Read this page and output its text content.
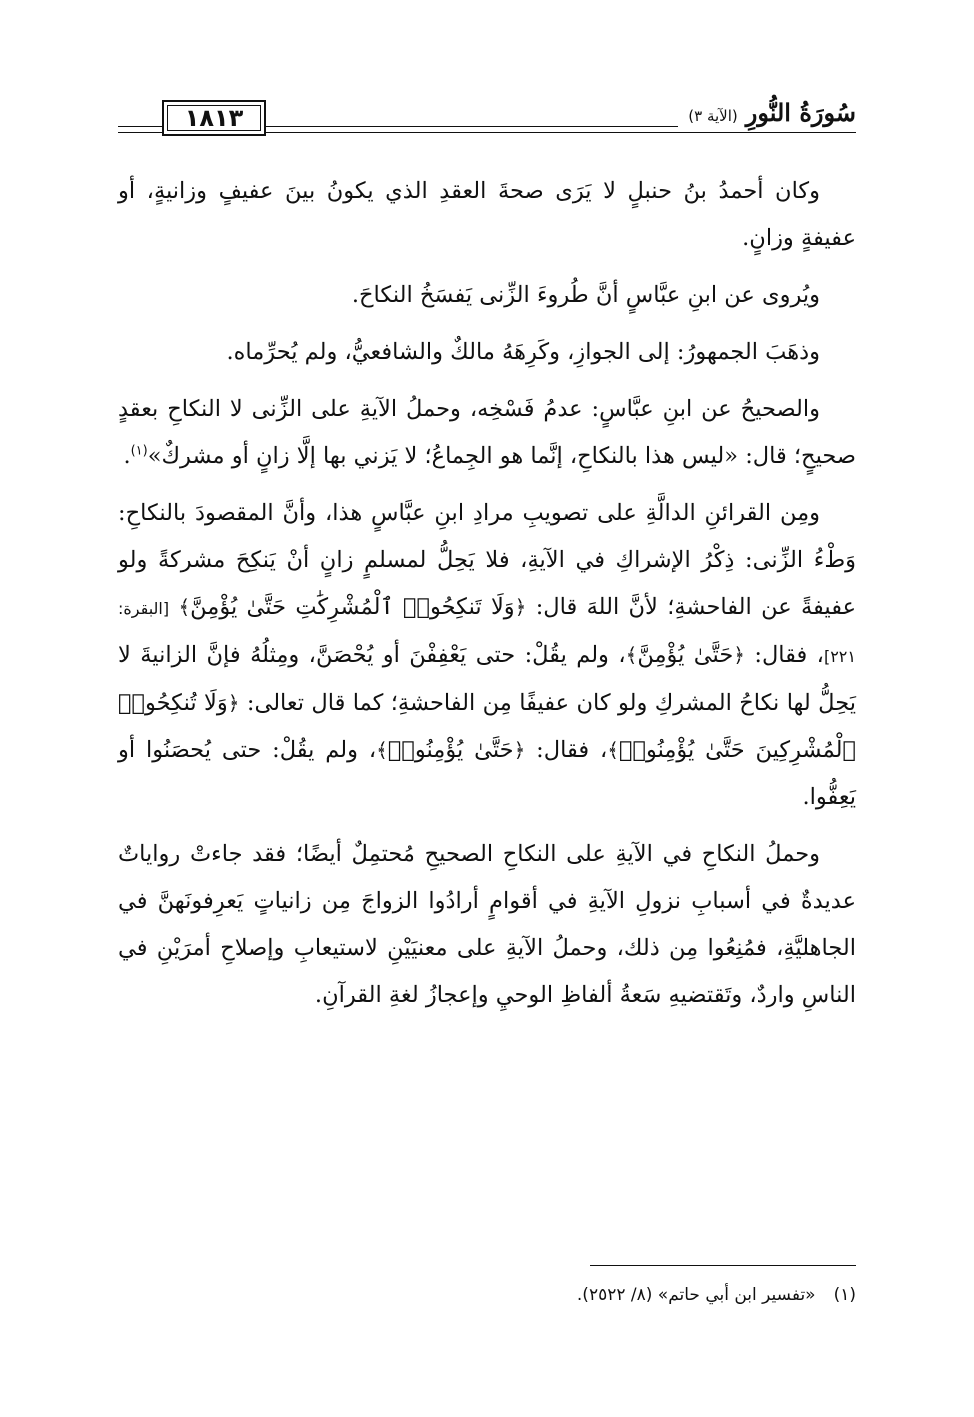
١٨١٣	سُورَةُ النُّورِ
(الآية ٣)

وكان أحمدُ بنُ حنبلٍ لا يَرَى صحةَ العقدِ الذي يكونُ بينَ عفيفٍ وزانيةٍ، أو عفيفةٍ وزانٍ.

ويُروى عن ابنِ عبَّاسٍ أنَّ طُروءَ الزِّنى يَفسَخُ النكاحَ.

وذهَبَ الجمهورُ: إلى الجوازِ، وكَرِهَهُ مالكٌ والشافعيُّ، ولم يُحرِّماه.

والصحيحُ عن ابنِ عبَّاسٍ: عدمُ فَسْخِه، وحملُ الآيةِ على الزِّنى لا النكاحِ بعقدٍ صحيحٍ؛ قال: «ليس هذا بالنكاحِ، إنَّما هو الجِماعُ؛ لا يَزني بها إلَّا زانٍ أو مشركٌ»$^{(١)}$.

ومِن القرائنِ الدالَّةِ على تصويبِ مرادِ ابنِ عبَّاسٍ هذا، وأنَّ المقصودَ بالنكاحِ: وَطْءُ الزِّنى: ذِكْرُ الإشراكِ في الآيةِ، فلا يَحِلُّ لمسلمٍ زانٍ أنْ يَنكِحَ مشركةً ولو عفيفةً عن الفاحشةِ؛ لأنَّ اللهَ قال: ﴿وَلَا تَنكِحُوا۟ ٱلْمُشْرِكَٰتِ حَتَّىٰ يُؤْمِنَّ﴾ [البقرة: ٢٢١]، فقال: ﴿حَتَّىٰ يُؤْمِنَّ﴾، ولم يقُلْ: حتى يَعْفِفْنَ أو يُحْصَنَّ، ومِثلُهُ فإنَّ الزانيةَ لا يَحِلُّ لها نكاحُ المشركِ ولو كان عفيفًا مِن الفاحشةِ؛ كما قال تعالى: ﴿وَلَا تُنكِحُوا۟ ٱلْمُشْرِكِينَ حَتَّىٰ يُؤْمِنُوا۟﴾، فقال: ﴿حَتَّىٰ يُؤْمِنُوا۟﴾، ولم يقُلْ: حتى يُحصَنُوا أو يَعِفُّوا.

وحملُ النكاحِ في الآيةِ على النكاحِ الصحيحِ مُحتمِلٌ أيضًا؛ فقد جاءتْ رواياتٌ عديدةٌ في أسبابِ نزولِ الآيةِ في أقوامٍ أرادُوا الزواجَ مِن زانياتٍ يَعرِفونَهنَّ في الجاهليَّةِ، فمُنِعُوا مِن ذلك، وحملُ الآيةِ على معنيَيْنِ لاستيعابِ وإصلاحِ أمرَيْنِ في الناسِ واردٌ، وتَقتضيهِ سَعةُ ألفاظِ الوحيِ وإعجازُ لغةِ القرآنِ.

(١)«تفسير ابن أبي حاتم» (٨/ ٢٥٢٢).
